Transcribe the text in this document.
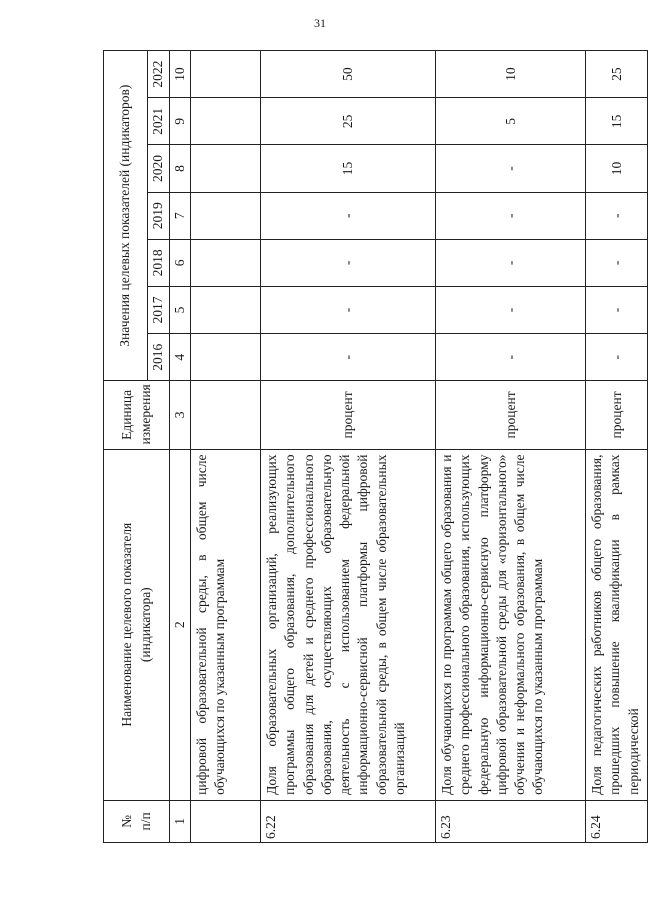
31
№
п/п	Наименование целевого показателя
(индикатора)	Единица
измерения	Значения целевых показателей (индикаторов)						
			2016	2017	2018	2019	2020	2021	2022
1	2	3	4	5	6	7	8	9	10
	цифровой образовательной среды, в общем числе обучающихся по указанным программам								
6.22	Доля образовательных организаций, реализующих программы общего образования, дополнительного образования для детей и среднего профессионального образования, осуществляющих образовательную деятельность с использованием федеральной информационно-сервисной платформы цифровой образовательной среды, в общем числе образовательных организаций	процент	-	-	-	-	15	25	50
6.23	Доля обучающихся по программам общего образования и среднего профессионального образования, использующих федеральную информационно-сервисную платформу цифровой образовательной среды для «горизонтального» обучения и неформального образования, в общем числе обучающихся по указанным программам	процент	-	-	-	-	-	5	10
6.24	Доля педагогических работников общего образования, прошедших повышение квалификации в рамках периодической	процент	-	-	-	-	10	15	25
